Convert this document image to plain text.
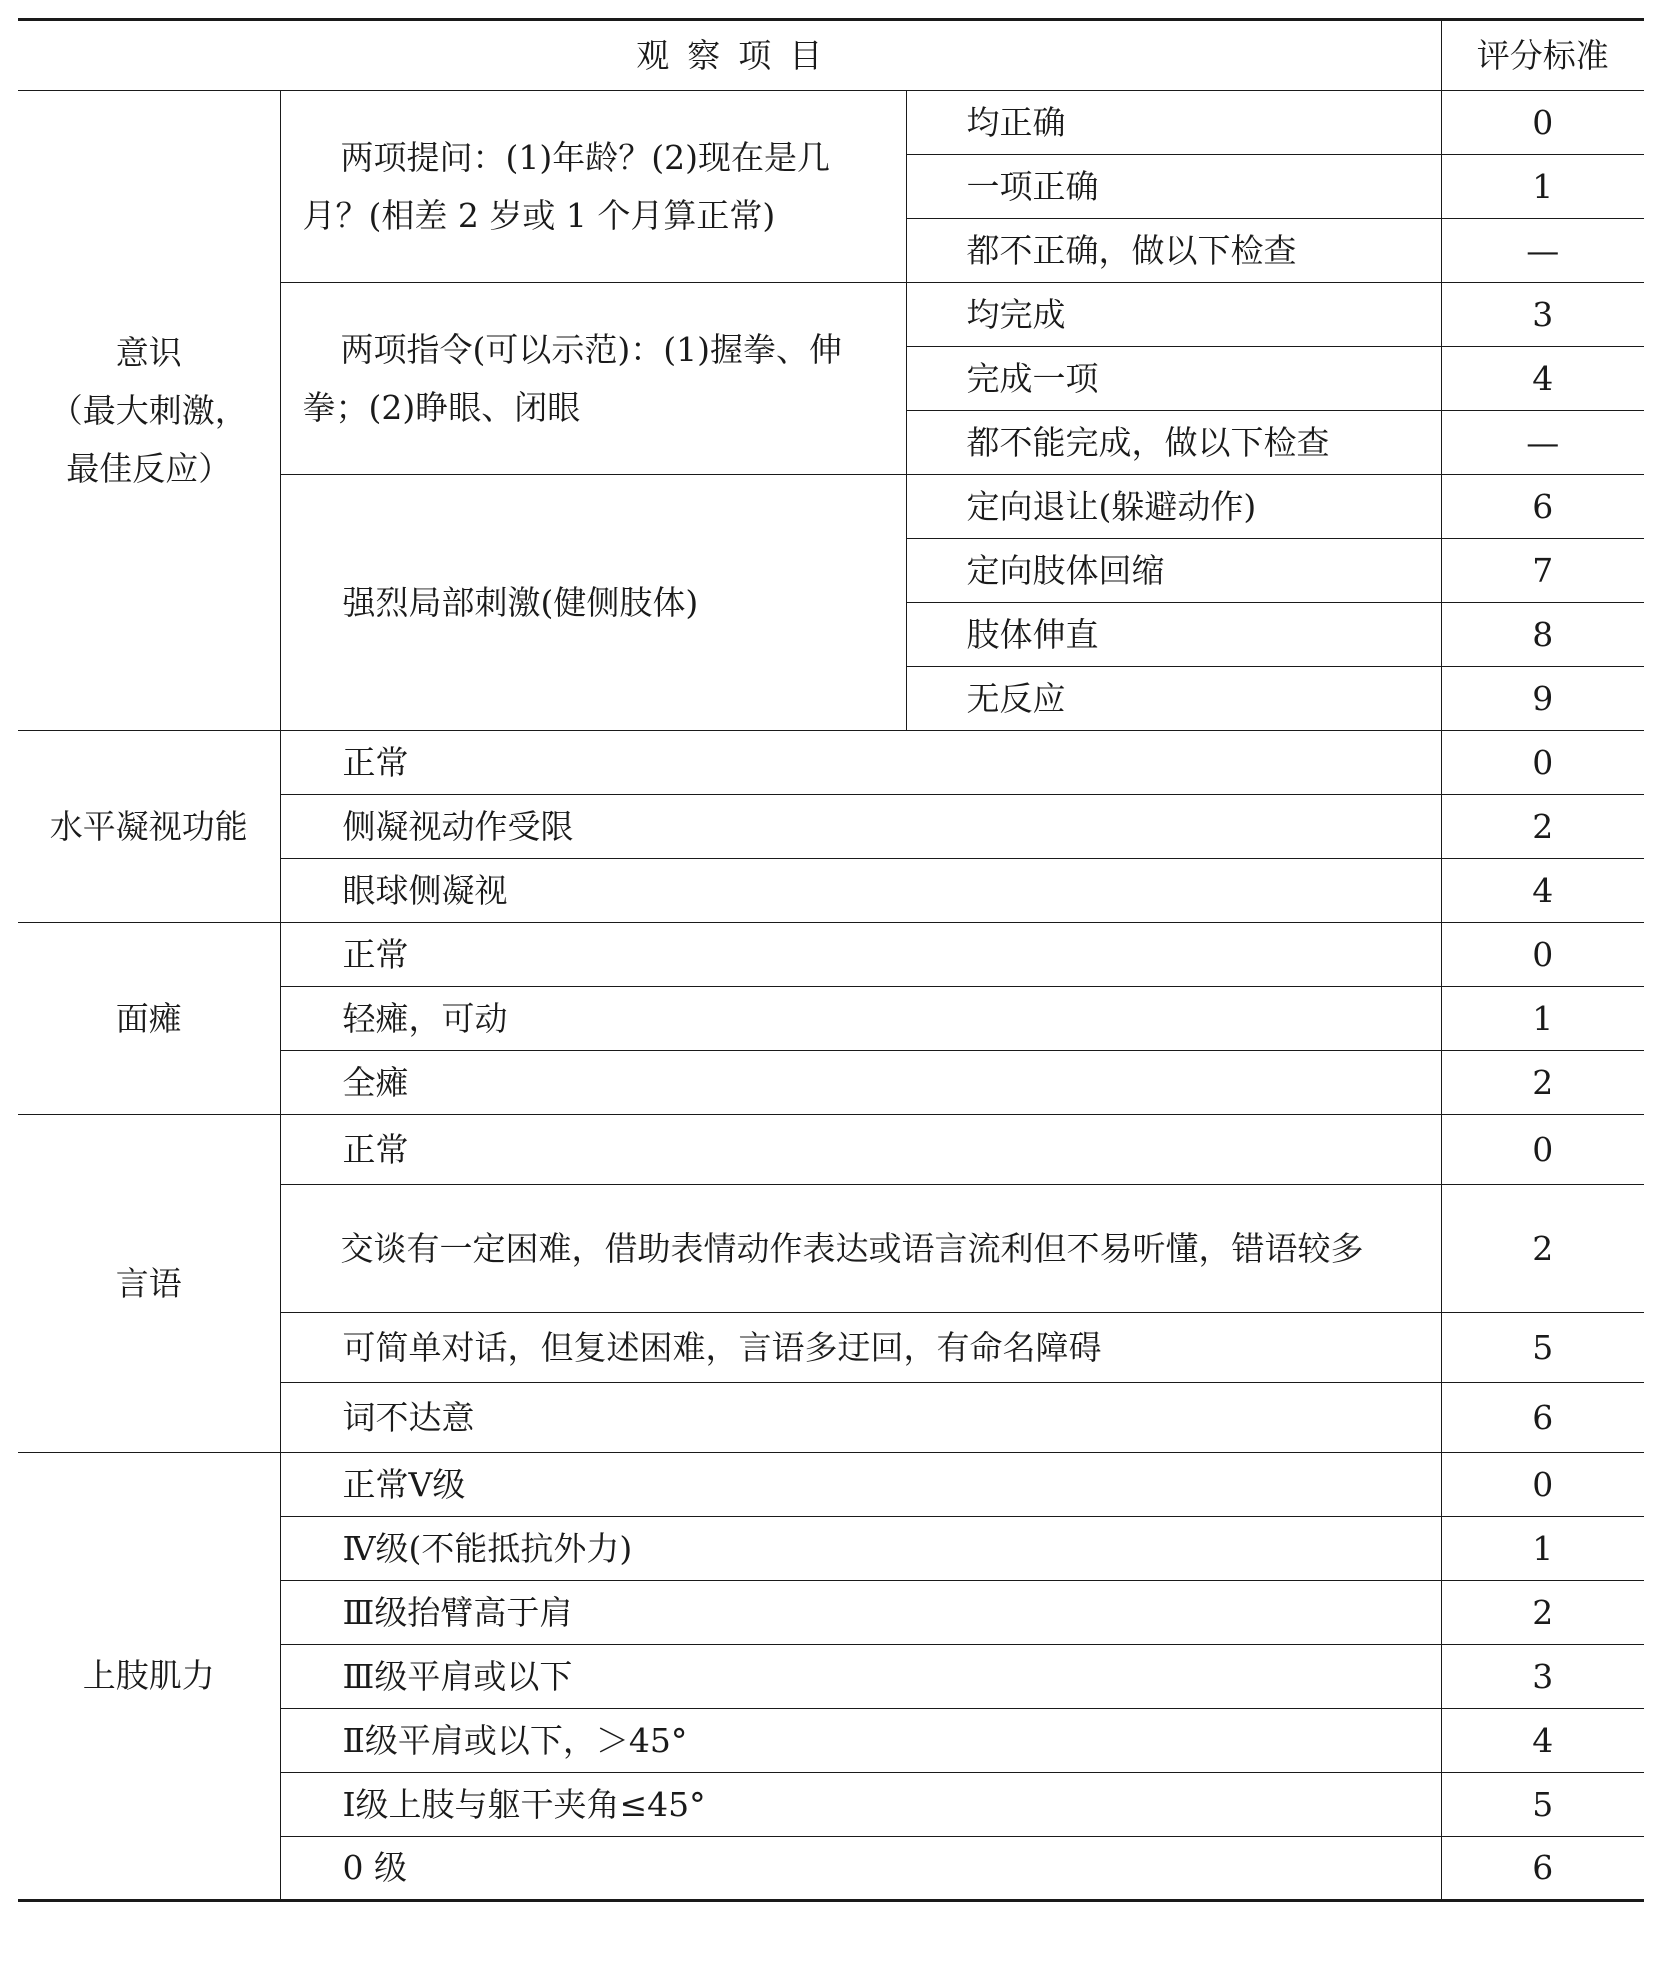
观察项目			评分标准

意识
（最大刺激，
最佳反应）	两项提问：(1)年龄？(2)现在是几月？(相差 2 岁或 1 个月算正常)	均正确	0
		一项正确	1
		都不正确，做以下检查	—
	两项指令(可以示范)：(1)握拳、伸拳；(2)睁眼、闭眼	均完成	3
		完成一项	4
		都不能完成，做以下检查	—
	强烈局部刺激(健侧肢体)	定向退让(躲避动作)	6
		定向肢体回缩	7
		肢体伸直	8
		无反应	9
水平凝视功能	正常		0
	侧凝视动作受限		2
	眼球侧凝视		4
面瘫	正常		0
	轻瘫，可动		1
	全瘫		2
言语	正常		0
	交谈有一定困难，借助表情动作表达或语言流利但不易听懂，错语较多		2
	可简单对话，但复述困难，言语多迂回，有命名障碍		5
	词不达意		6
上肢肌力	正常Ⅴ级		0
	Ⅳ级(不能抵抗外力)		1
	Ⅲ级抬臂高于肩		2
	Ⅲ级平肩或以下		3
	Ⅱ级平肩或以下，＞45°		4
	Ⅰ级上肢与躯干夹角≤45°		5
	0 级		6
